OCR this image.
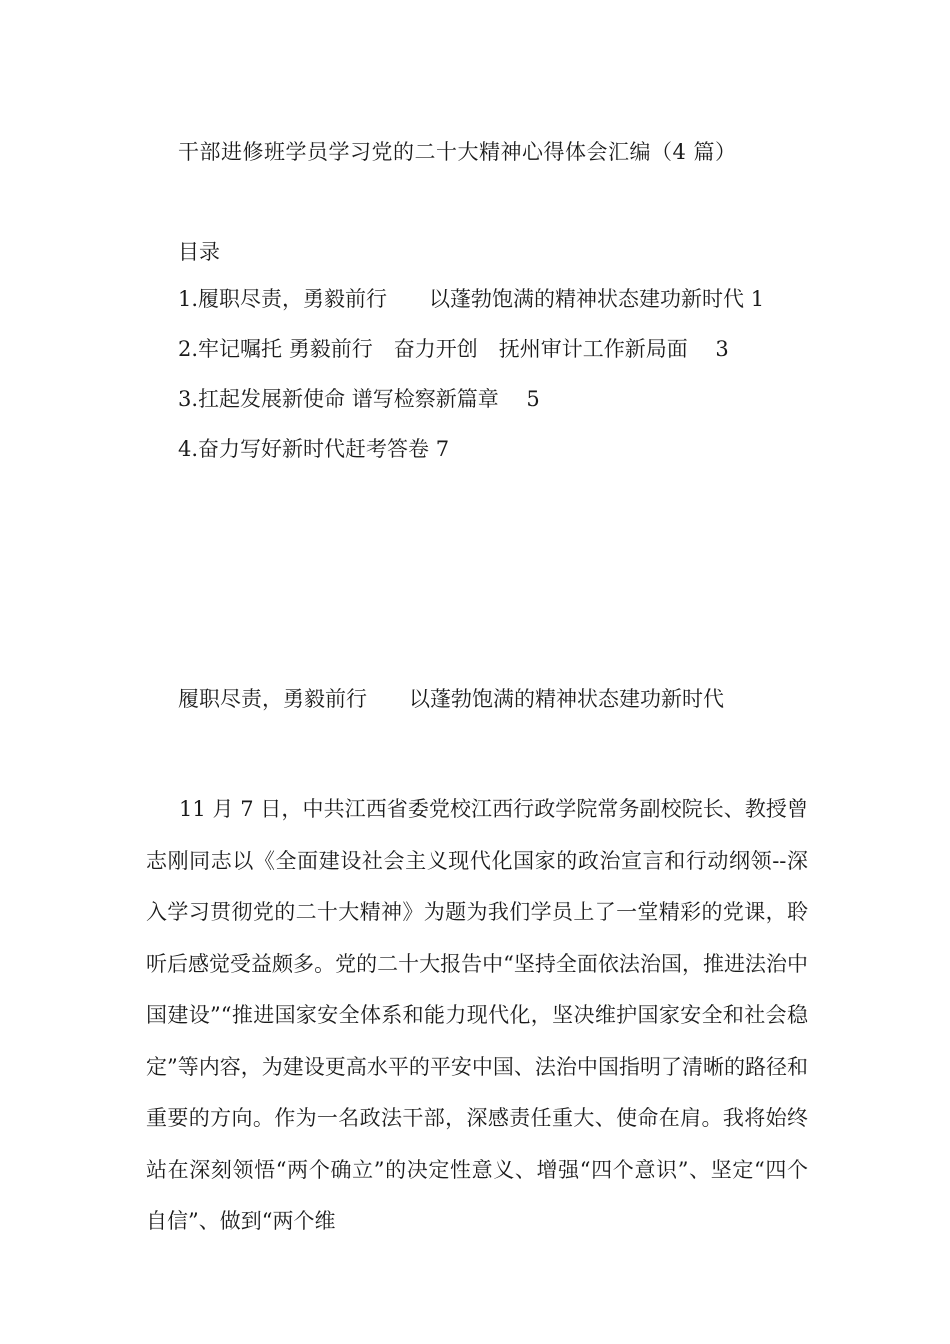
干部进修班学员学习党的二十大精神心得体会汇编（4 篇）
目录
1.履职尽责，勇毅前行　　以蓬勃饱满的精神状态建功新时代 1
2.牢记嘱托 勇毅前行　奋力开创　抚州审计工作新局面　 3
3.扛起发展新使命 谱写检察新篇章　 5
4.奋力写好新时代赶考答卷 7
履职尽责，勇毅前行　　以蓬勃饱满的精神状态建功新时代

11 月 7 日，中共江西省委党校江西行政学院常务副校院长、教授曾志刚同志以《全面建设社会主义现代化国家的政治宣言和行动纲领--深入学习贯彻党的二十大精神》为题为我们学员上了一堂精彩的党课，聆听后感觉受益颇多。党的二十大报告中“坚持全面依法治国，推进法治中国建设”“推进国家安全体系和能力现代化，坚决维护国家安全和社会稳定”等内容，为建设更高水平的平安中国、法治中国指明了清晰的路径和重要的方向。作为一名政法干部，深感责任重大、使命在肩。我将始终站在深刻领悟“两个确立”的决定性意义、增强“四个意识”、坚定“四个自信”、做到“两个维
